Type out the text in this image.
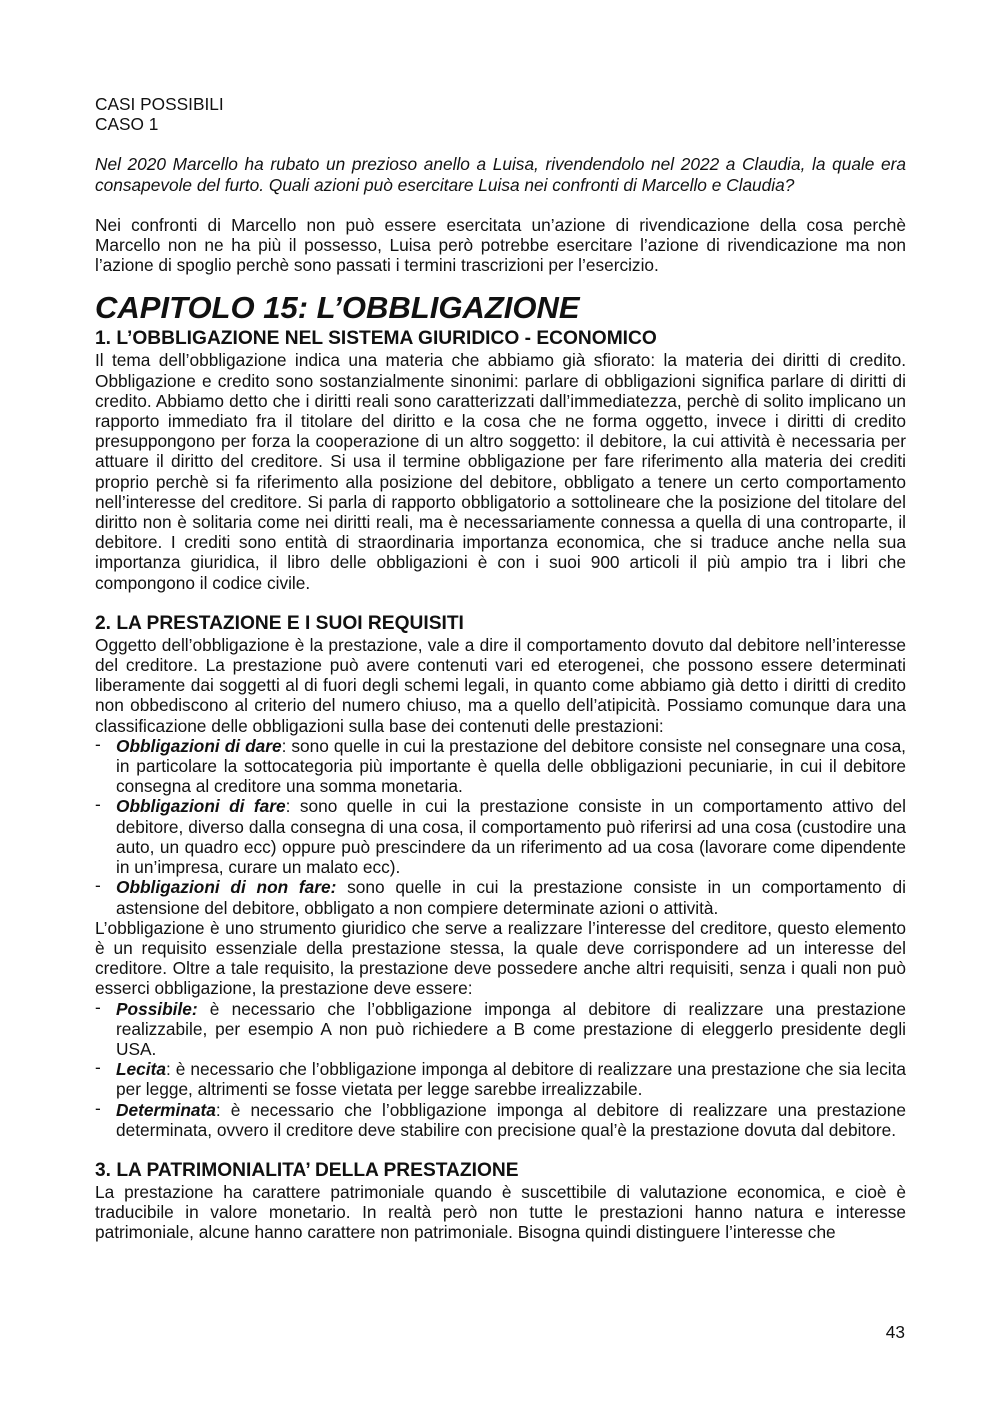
CASI POSSIBILI

CASO 1

Nel 2020 Marcello ha rubato un prezioso anello a Luisa, rivendendolo nel 2022 a Claudia, la quale era consapevole del furto. Quali azioni può esercitare Luisa nei confronti di Marcello e Claudia?

Nei confronti di Marcello non può essere esercitata un’azione di rivendicazione della cosa perchè Marcello non ne ha più il possesso, Luisa però potrebbe esercitare l’azione di rivendicazione ma non l’azione di spoglio perchè sono passati i termini trascrizioni per l’esercizio.

CAPITOLO 15: L’OBBLIGAZIONE
1. L’OBBLIGAZIONE NEL SISTEMA GIURIDICO - ECONOMICO

Il tema dell’obbligazione indica una materia che abbiamo già sfiorato: la materia dei diritti di credito. Obbligazione e credito sono sostanzialmente sinonimi: parlare di obbligazioni significa parlare di diritti di credito. Abbiamo detto che i diritti reali sono caratterizzati dall’immediatezza, perchè di solito implicano un rapporto immediato fra il titolare del diritto e la cosa che ne forma oggetto, invece i diritti di credito presuppongono per forza la cooperazione di un altro soggetto: il debitore, la cui attività è necessaria per attuare il diritto del creditore. Si usa il termine obbligazione per fare riferimento alla materia dei crediti proprio perchè si fa riferimento alla posizione del debitore, obbligato a tenere un certo comportamento nell’interesse del creditore. Si parla di rapporto obbligatorio a sottolineare che la posizione del titolare del diritto non è solitaria come nei diritti reali, ma è necessariamente connessa a quella di una controparte, il debitore. I crediti sono entità di straordinaria importanza economica, che si traduce anche nella sua importanza giuridica, il libro delle obbligazioni è con i suoi 900 articoli il più ampio tra i libri che compongono il codice civile.

2. LA PRESTAZIONE E I SUOI REQUISITI

Oggetto dell’obbligazione è la prestazione, vale a dire il comportamento dovuto dal debitore nell’interesse del creditore. La prestazione può avere contenuti vari ed eterogenei, che possono essere determinati liberamente dai soggetti al di fuori degli schemi legali, in quanto come abbiamo già detto i diritti di credito non obbediscono al criterio del numero chiuso, ma a quello dell’atipicità. Possiamo comunque dara una classificazione delle obbligazioni sulla base dei contenuti delle prestazioni:

- Obbligazioni di dare: sono quelle in cui la prestazione del debitore consiste nel consegnare una cosa, in particolare la sottocategoria più importante è quella delle obbligazioni pecuniarie, in cui il debitore consegna al creditore una somma monetaria.
- Obbligazioni di fare: sono quelle in cui la prestazione consiste in un comportamento attivo del debitore, diverso dalla consegna di una cosa, il comportamento può riferirsi ad una cosa (custodire una auto, un quadro ecc) oppure può prescindere da un riferimento ad ua cosa (lavorare come dipendente in un’impresa, curare un malato ecc).
- Obbligazioni di non fare: sono quelle in cui la prestazione consiste in un comportamento di astensione del debitore, obbligato a non compiere determinate azioni o attività.

L’obbligazione è uno strumento giuridico che serve a realizzare l’interesse del creditore, questo elemento è un requisito essenziale della prestazione stessa, la quale deve corrispondere ad un interesse del creditore. Oltre a tale requisito, la prestazione deve possedere anche altri requisiti, senza i quali non può esserci obbligazione, la prestazione deve essere:

- Possibile: è necessario che l’obbligazione imponga al debitore di realizzare una prestazione realizzabile, per esempio A non può richiedere a B come prestazione di eleggerlo presidente degli USA.
- Lecita: è necessario che l’obbligazione imponga al debitore di realizzare una prestazione che sia lecita per legge, altrimenti se fosse vietata per legge sarebbe irrealizzabile.
- Determinata: è necessario che l’obbligazione imponga al debitore di realizzare una prestazione determinata, ovvero il creditore deve stabilire con precisione qual’è la prestazione dovuta dal debitore.
3. LA PATRIMONIALITA’ DELLA PRESTAZIONE

La prestazione ha carattere patrimoniale quando è suscettibile di valutazione economica, e cioè è traducibile in valore monetario. In realtà però non tutte le prestazioni hanno natura e interesse patrimoniale, alcune hanno carattere non patrimoniale. Bisogna quindi distinguere l’interesse che

43
